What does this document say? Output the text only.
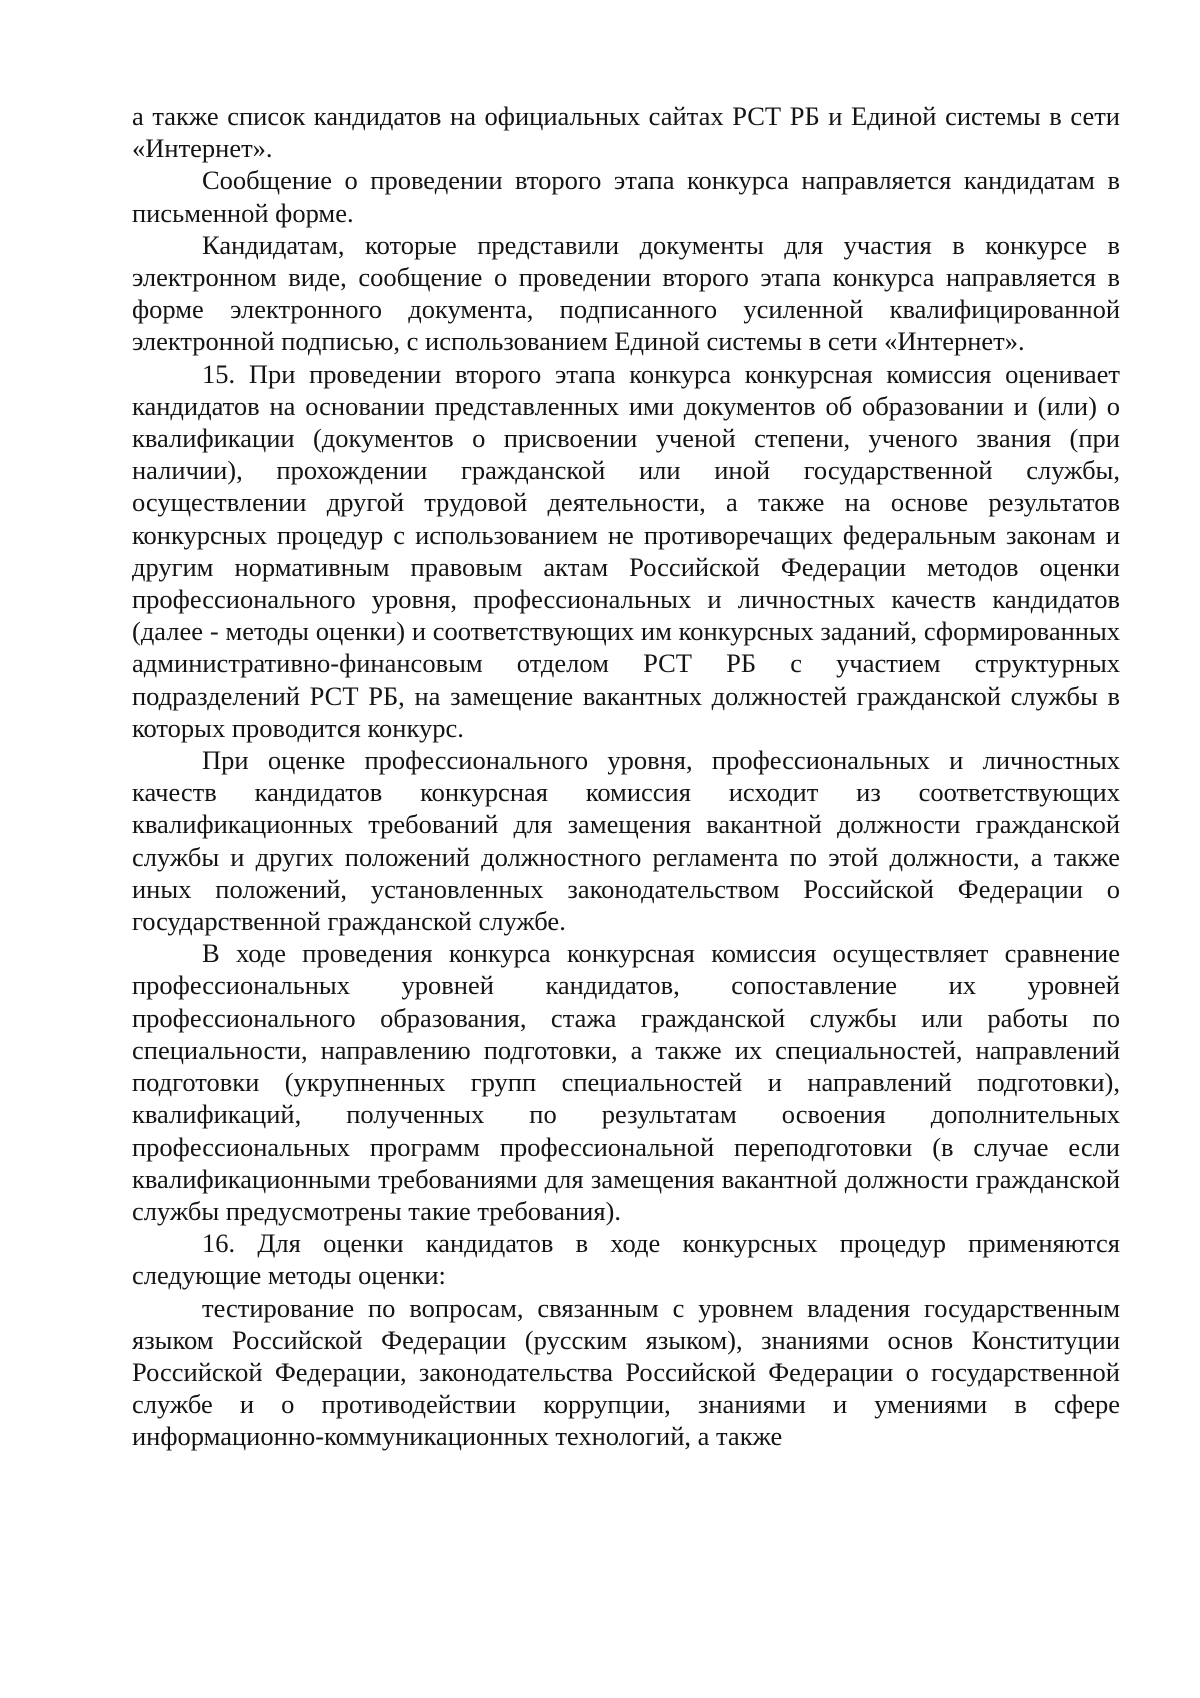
а также список кандидатов на официальных сайтах РСТ РБ и Единой системы в сети «Интернет».

Сообщение о проведении второго этапа конкурса направляется кандидатам в письменной форме.

Кандидатам, которые представили документы для участия в конкурсе в электронном виде, сообщение о проведении второго этапа конкурса направляется в форме электронного документа, подписанного усиленной квалифицированной электронной подписью, с использованием Единой системы в сети «Интернет».

15. При проведении второго этапа конкурса конкурсная комиссия оценивает кандидатов на основании представленных ими документов об образовании и (или) о квалификации (документов о присвоении ученой степени, ученого звания (при наличии), прохождении гражданской или иной государственной службы, осуществлении другой трудовой деятельности, а также на основе результатов конкурсных процедур с использованием не противоречащих федеральным законам и другим нормативным правовым актам Российской Федерации методов оценки профессионального уровня, профессиональных и личностных качеств кандидатов (далее - методы оценки) и соответствующих им конкурсных заданий, сформированных административно-финансовым отделом РСТ РБ с участием структурных подразделений РСТ РБ, на замещение вакантных должностей гражданской службы в которых проводится конкурс.

При оценке профессионального уровня, профессиональных и личностных качеств кандидатов конкурсная комиссия исходит из соответствующих квалификационных требований для замещения вакантной должности гражданской службы и других положений должностного регламента по этой должности, а также иных положений, установленных законодательством Российской Федерации о государственной гражданской службе.

В ходе проведения конкурса конкурсная комиссия осуществляет сравнение профессиональных уровней кандидатов, сопоставление их уровней профессионального образования, стажа гражданской службы или работы по специальности, направлению подготовки, а также их специальностей, направлений подготовки (укрупненных групп специальностей и направлений подготовки), квалификаций, полученных по результатам освоения дополнительных профессиональных программ профессиональной переподготовки (в случае если квалификационными требованиями для замещения вакантной должности гражданской службы предусмотрены такие требования).

16. Для оценки кандидатов в ходе конкурсных процедур применяются следующие методы оценки:

тестирование по вопросам, связанным с уровнем владения государственным языком Российской Федерации (русским языком), знаниями основ Конституции Российской Федерации, законодательства Российской Федерации о государственной службе и о противодействии коррупции, знаниями и умениями в сфере информационно-коммуникационных технологий, а также
